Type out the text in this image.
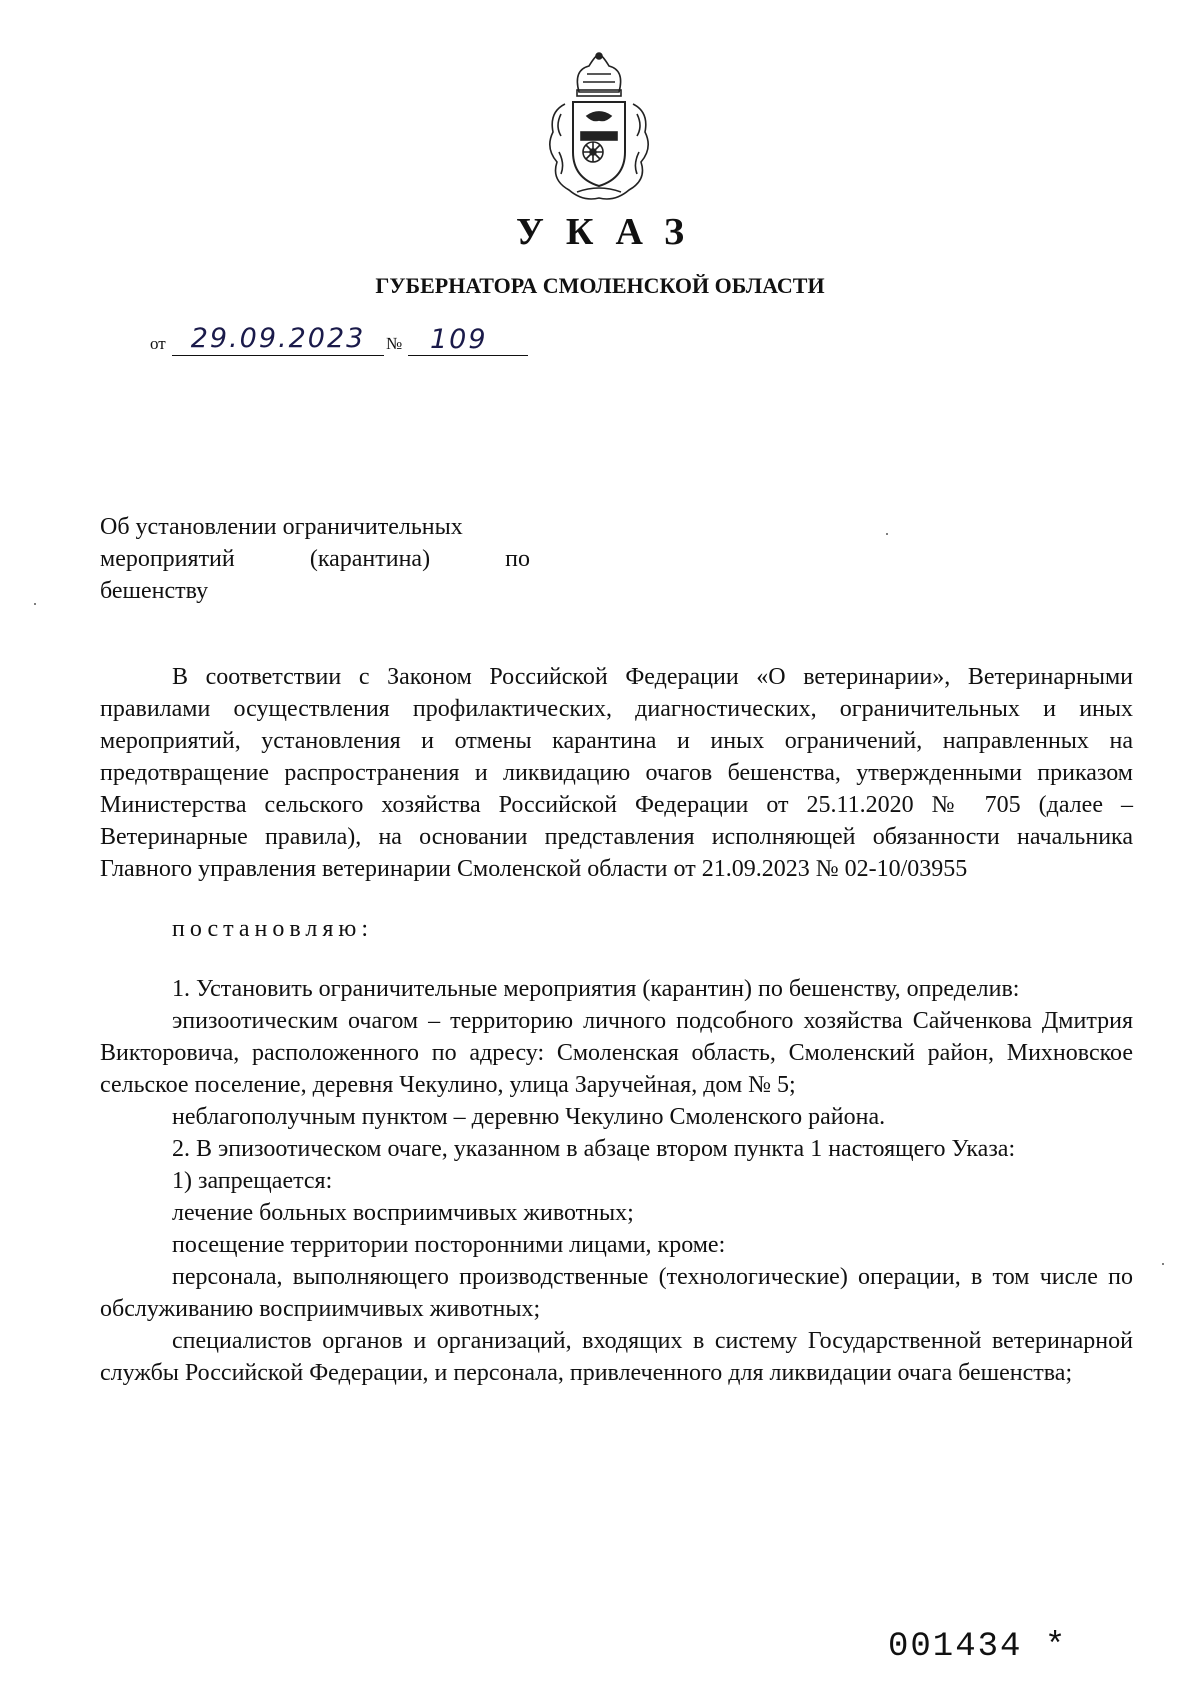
УКАЗ
ГУБЕРНАТОРА СМОЛЕНСКОЙ ОБЛАСТИ
от 29.09.2023	№	109
Об установлении ограничительных
мероприятий (карантина) по
бешенству

В соответствии с Законом Российской Федерации «О ветеринарии», Ветеринарными правилами осуществления профилактических, диагностических, ограничительных и иных мероприятий, установления и отмены карантина и иных ограничений, направленных на предотвращение распространения и ликвидацию очагов бешенства, утвержденными приказом Министерства сельского хозяйства Российской Федерации от 25.11.2020 № 705 (далее – Ветеринарные правила), на основании представления исполняющей обязанности начальника Главного управления ветеринарии Смоленской области от 21.09.2023 № 02-10/03955

постановляю:

1. Установить ограничительные мероприятия (карантин) по бешенству, определив:

эпизоотическим очагом – территорию личного подсобного хозяйства Сайченкова Дмитрия Викторовича, расположенного по адресу: Смоленская область, Смоленский район, Михновское сельское поселение, деревня Чекулино, улица Заручейная, дом № 5;

неблагополучным пунктом – деревню Чекулино Смоленского района.

2. В эпизоотическом очаге, указанном в абзаце втором пункта 1 настоящего Указа:

1) запрещается:

лечение больных восприимчивых животных;

посещение территории посторонними лицами, кроме:

персонала, выполняющего производственные (технологические) операции, в том числе по обслуживанию восприимчивых животных;

специалистов органов и организаций, входящих в систему Государственной ветеринарной службы Российской Федерации, и персонала, привлеченного для ликвидации очага бешенства;

001434 *
